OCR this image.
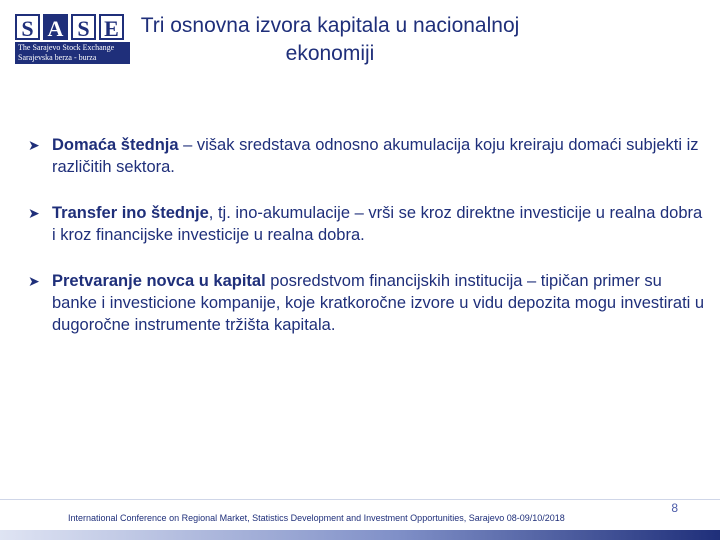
S A S E
The Sarajevo Stock Exchange
Sarajevska berza - burza
Tri osnovna izvora kapitala u nacionalnoj
ekonomiji
➤ Domaća štednja – višak sredstava odnosno akumulacija koju kreiraju domaći subjekti iz različitih sektora.
➤ Transfer ino štednje, tj. ino-akumulacije – vrši se kroz direktne investicije u realna dobra i kroz financijske investicije u realna dobra.
➤ Pretvaranje novca u kapital posredstvom financijskih institucija – tipičan primer su banke i investicione kompanije, koje kratkoročne izvore u vidu depozita mogu investirati u dugoročne instrumente tržišta kapitala.
8
International Conference on Regional Market, Statistics Development and Investment Opportunities, Sarajevo 08-09/10/2018
